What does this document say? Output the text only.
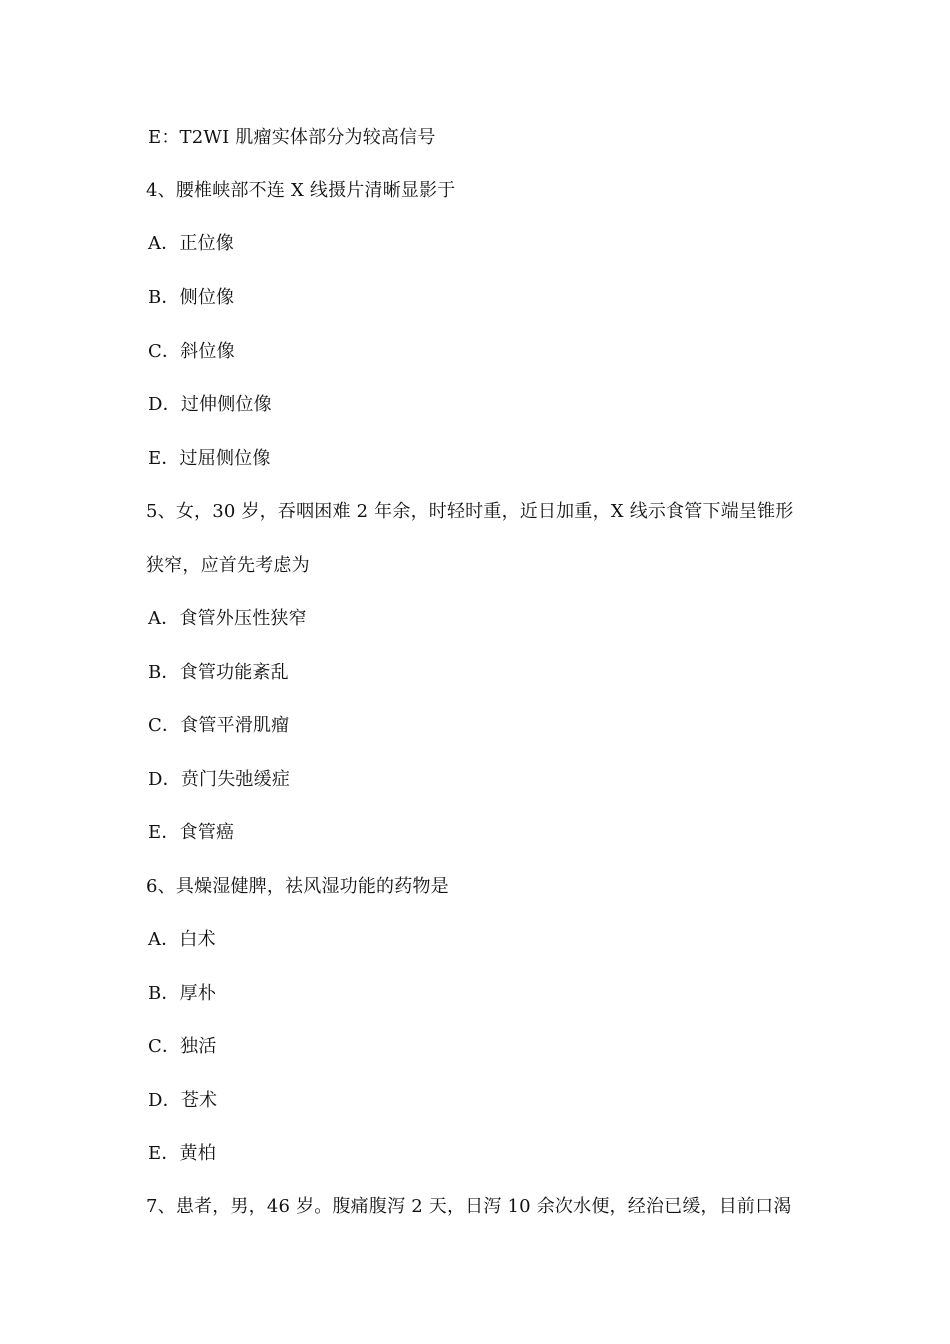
E：T2WI 肌瘤实体部分为较高信号
4、腰椎峡部不连 X 线摄片清晰显影于
A．正位像
B．侧位像
C．斜位像
D．过伸侧位像
E．过屈侧位像
5、女，30 岁，吞咽困难 2 年余，时轻时重，近日加重，X 线示食管下端呈锥形
狭窄，应首先考虑为
A．食管外压性狭窄
B．食管功能紊乱
C．食管平滑肌瘤
D．贲门失弛缓症
E．食管癌
6、具燥湿健脾，祛风湿功能的药物是
A．白术
B．厚朴
C．独活
D．苍术
E．黄柏
7、患者，男，46 岁。腹痛腹泻 2 天，日泻 10 余次水便，经治已缓，目前口渴
